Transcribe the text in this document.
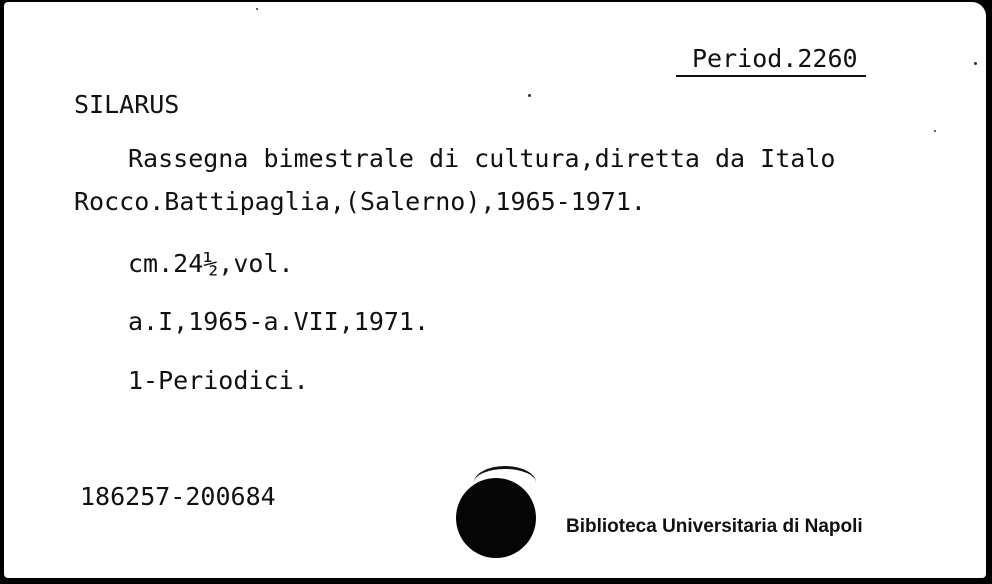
Period.2260
SILARUS
Rassegna bimestrale di cultura,diretta da Italo
Rocco.Battipaglia,(Salerno),1965-1971.
cm.24½,vol.
a.I,1965-a.VII,1971.
1-Periodici.
186257-200684
Biblioteca Universitaria di Napoli
